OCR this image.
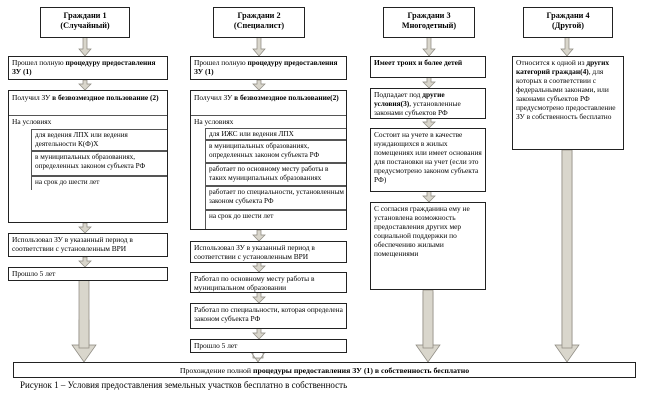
Граждани 1
(Случайный)
Граждани 2
(Специалист)
Граждани 3
Многодетный)
Граждани 4
(Другой)
Прошел полную процедуру предоставления ЗУ (1)
Получил ЗУ в безвозмездное пользование (2)
На условиях
для ведения ЛПХ или ведения деятельности К(Ф)Х
в муниципальных образованиях, определенных законом субъекта РФ
на срок до шести лет
Использовал ЗУ в указанный период в соответствии с установленным ВРИ
Прошло 5 лет
Прошел полную процедуру предоставления ЗУ (1)
Получил ЗУ в безвозмездное пользование(2)
На условиях
для ИЖС или ведения ЛПХ
в муниципальных образованиях, определенных законом субъекта РФ
работает по основному месту работы в таких муниципальных образованиях
работает по специальности, установленным законом субъекта РФ
на срок до шести лет
Использовал ЗУ в указанный период в соответствии с установленным ВРИ
Работал по основному месту работы в муниципальном образовании
Работал по специальности, которая определена законом субъекта РФ
Прошло 5 лет
Имеет троих и более детей
Подпадает под другие условия(3), установленные законами субъектов РФ
Состоит на учете в качестве нуждающихся в жилых помещениях или имеет основания для постановки на учет (если это предусмотрено законом субъекта РФ)
С согласия гражданина ему не установлена возможность предоставления других мер социальной поддержки по обеспечению жилыми помещениями
Относится к одной из других категорий граждан(4), для которых в соответствии с федеральными законами, или законами субъектов РФ предусмотрено предоставление ЗУ в собственность бесплатно
Прохождение полной процедуры предоставления ЗУ (1) в собственность бесплатно
Рисунок 1 – Условия предоставления земельных участков бесплатно в собственность
